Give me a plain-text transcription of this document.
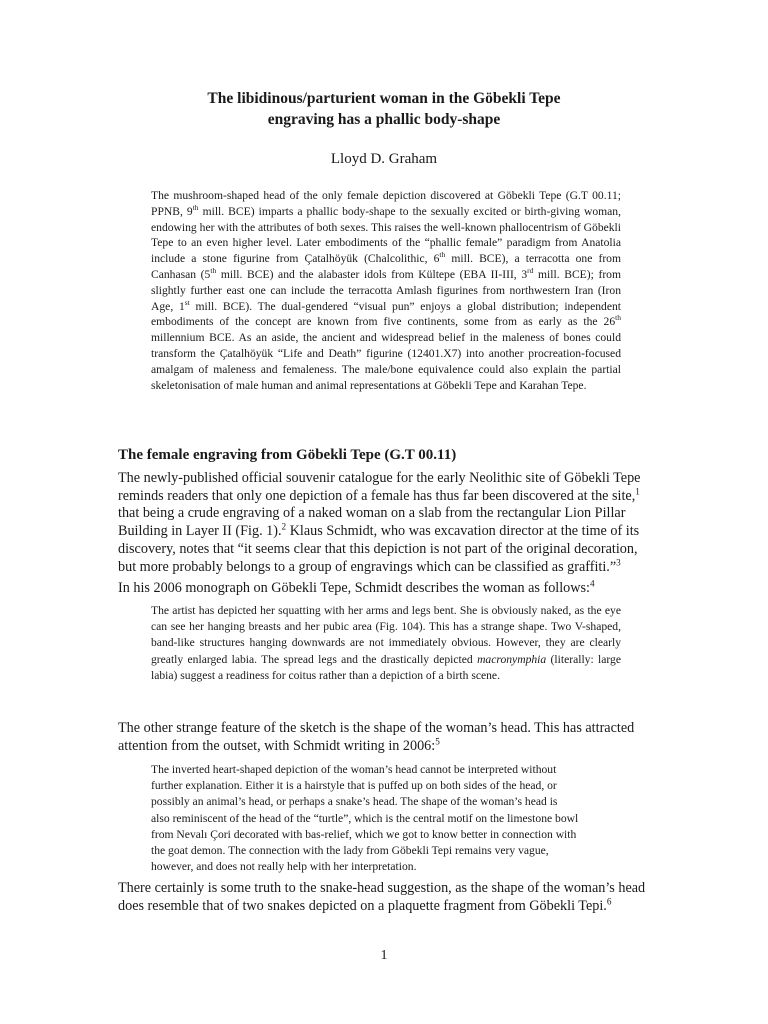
The libidinous/parturient woman in the Göbekli Tepe
engraving has a phallic body-shape
Lloyd D. Graham

The mushroom-shaped head of the only female depiction discovered at Göbekli Tepe (G.T 00.11; PPNB, 9th mill. BCE) imparts a phallic body-shape to the sexually excited or birth-giving woman, endowing her with the attributes of both sexes. This raises the well-known phallocentrism of Göbekli Tepe to an even higher level. Later embodiments of the “phallic female” paradigm from Anatolia include a stone figurine from Çatalhöyük (Chalcolithic, 6th mill. BCE), a terracotta one from Canhasan (5th mill. BCE) and the alabaster idols from Kültepe (EBA II-III, 3rd mill. BCE); from slightly further east one can include the terracotta Amlash figurines from northwestern Iran (Iron Age, 1st mill. BCE). The dual-gendered “visual pun” enjoys a global distribution; independent embodiments of the concept are known from five continents, some from as early as the 26th millennium BCE. As an aside, the ancient and widespread belief in the maleness of bones could transform the Çatalhöyük “Life and Death” figurine (12401.X7) into another procreation-focused amalgam of maleness and femaleness. The male/bone equivalence could also explain the partial skeletonisation of male human and animal representations at Göbekli Tepe and Karahan Tepe.

The female engraving from Göbekli Tepe (G.T 00.11)

The newly-published official souvenir catalogue for the early Neolithic site of Göbekli Tepe reminds readers that only one depiction of a female has thus far been discovered at the site,$^1$ that being a crude engraving of a naked woman on a slab from the rectangular Lion Pillar Building in Layer II (Fig. 1).$^2$ Klaus Schmidt, who was excavation director at the time of its discovery, notes that “it seems clear that this depiction is not part of the original decoration, but more probably belongs to a group of engravings which can be classified as graffiti.”$^3$

In his 2006 monograph on Göbekli Tepe, Schmidt describes the woman as follows:$^4$

The artist has depicted her squatting with her arms and legs bent. She is obviously naked, as the eye can see her hanging breasts and her pubic area (Fig. 104). This has a strange shape. Two V-shaped, band-like structures hanging downwards are not immediately obvious. However, they are clearly greatly enlarged labia. The spread legs and the drastically depicted macronymphia (literally: large labia) suggest a readiness for coitus rather than a depiction of a birth scene.

The other strange feature of the sketch is the shape of the woman’s head. This has attracted attention from the outset, with Schmidt writing in 2006:$^5$

The inverted heart-shaped depiction of the woman’s head cannot be interpreted without
further explanation. Either it is a hairstyle that is puffed up on both sides of the head, or
possibly an animal’s head, or perhaps a snake’s head. The shape of the woman’s head is
also reminiscent of the head of the “turtle”, which is the central motif on the limestone bowl
from Nevalı Çori decorated with bas-relief, which we got to know better in connection with
the goat demon. The connection with the lady from Göbekli Tepi remains very vague,
however, and does not really help with her interpretation.
There certainly is some truth to the snake-head suggestion, as the shape of the woman’s head
does resemble that of two snakes depicted on a plaquette fragment from Göbekli Tepi.$^6$
1
